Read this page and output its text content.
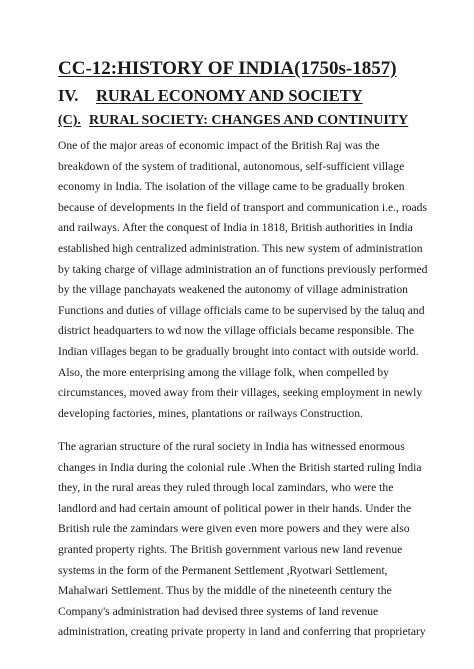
CC-12:HISTORY OF INDIA(1750s-1857)
IV. RURAL ECONOMY AND SOCIETY
(C). RURAL SOCIETY: CHANGES AND CONTINUITY

One of the major areas of economic impact of the British Raj was the
breakdown of the system of traditional, autonomous, self-sufficient village
economy in India. The isolation of the village came to be gradually broken
because of developments in the field of transport and communication i.e., roads
and railways. After the conquest of India in 1818, British authorities in India
established high centralized administration. This new system of administration
by taking charge of village administration an of functions previously performed
by the village panchayats weakened the autonomy of village administration
Functions and duties of village officials came to be supervised by the taluq and
district headquarters to wd now the village officials became responsible. The
Indian villages began to be gradually brought into contact with outside world.
Also, the more enterprising among the village folk, when compelled by
circumstances, moved away from their villages, seeking employment in newly
developing factories, mines, plantations or railways Construction.

The agrarian structure of the rural society in India has witnessed enormous
changes in India during the colonial rule .When the British started ruling India
they, in the rural areas they ruled through local zamindars, who were the
landlord and had certain amount of political power in their hands. Under the
British rule the zamindars were given even more powers and they were also
granted property rights. The British government various new land revenue
systems in the form of the Permanent Settlement ,Ryotwari Settlement,
Mahalwari Settlement. Thus by the middle of the nineteenth century the
Company's administration had devised three systems of land revenue
administration, creating private property in land and conferring that proprietary
